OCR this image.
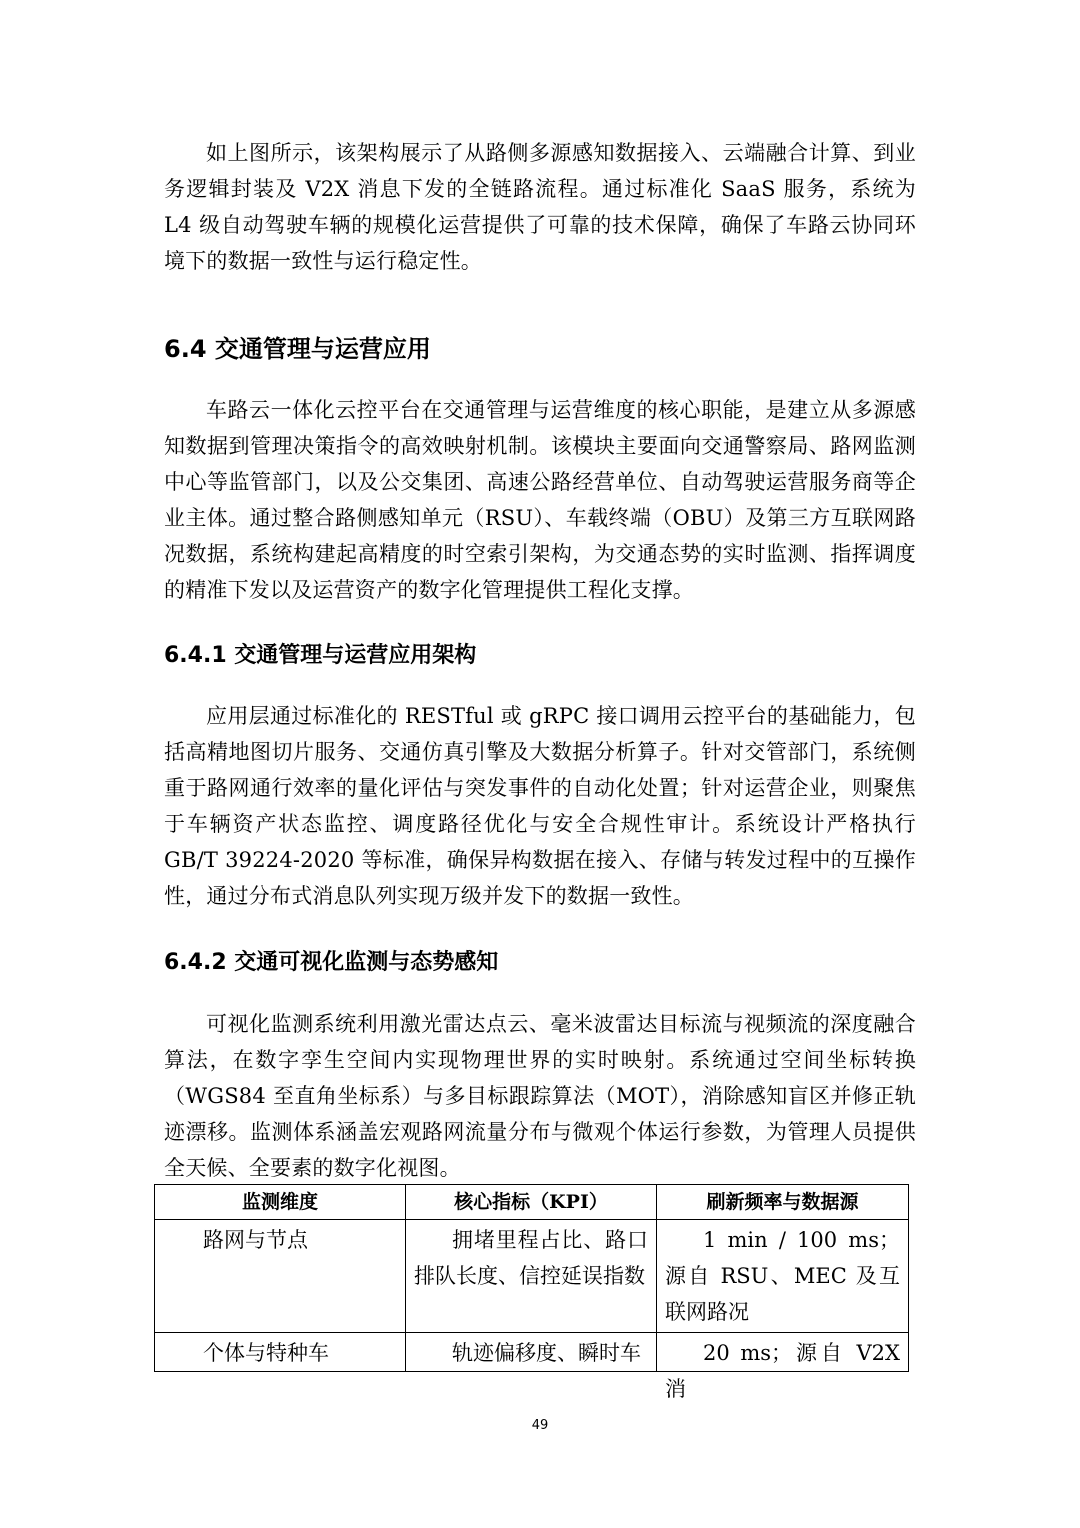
如上图所示，该架构展示了从路侧多源感知数据接入、云端融合计算、到业务逻辑封装及 V2X 消息下发的全链路流程。通过标准化 SaaS 服务，系统为 L4 级自动驾驶车辆的规模化运营提供了可靠的技术保障，确保了车路云协同环境下的数据一致性与运行稳定性。

6.4 交通管理与运营应用

车路云一体化云控平台在交通管理与运营维度的核心职能，是建立从多源感知数据到管理决策指令的高效映射机制。该模块主要面向交通警察局、路网监测中心等监管部门，以及公交集团、高速公路经营单位、自动驾驶运营服务商等企业主体。通过整合路侧感知单元（RSU）、车载终端（OBU）及第三方互联网路况数据，系统构建起高精度的时空索引架构，为交通态势的实时监测、指挥调度的精准下发以及运营资产的数字化管理提供工程化支撑。

6.4.1 交通管理与运营应用架构

应用层通过标准化的 RESTful 或 gRPC 接口调用云控平台的基础能力，包括高精地图切片服务、交通仿真引擎及大数据分析算子。针对交管部门，系统侧重于路网通行效率的量化评估与突发事件的自动化处置；针对运营企业，则聚焦于车辆资产状态监控、调度路径优化与安全合规性审计。系统设计严格执行 GB/T 39224-2020 等标准，确保异构数据在接入、存储与转发过程中的互操作性，通过分布式消息队列实现万级并发下的数据一致性。

6.4.2 交通可视化监测与态势感知

可视化监测系统利用激光雷达点云、毫米波雷达目标流与视频流的深度融合算法，在数字孪生空间内实现物理世界的实时映射。系统通过空间坐标转换（WGS84 至直角坐标系）与多目标跟踪算法（MOT），消除感知盲区并修正轨迹漂移。监测体系涵盖宏观路网流量分布与微观个体运行参数，为管理人员提供全天候、全要素的数字化视图。

监测维度	核心指标（KPI）	刷新频率与数据源
路网与节点	拥堵里程占比、路口排队长度、信控延误指数	1 min / 100 ms；源自 RSU、MEC 及互联网路况

个体与特种车	轨迹偏移度、瞬时车	20 ms；源自 V2X 消
49
